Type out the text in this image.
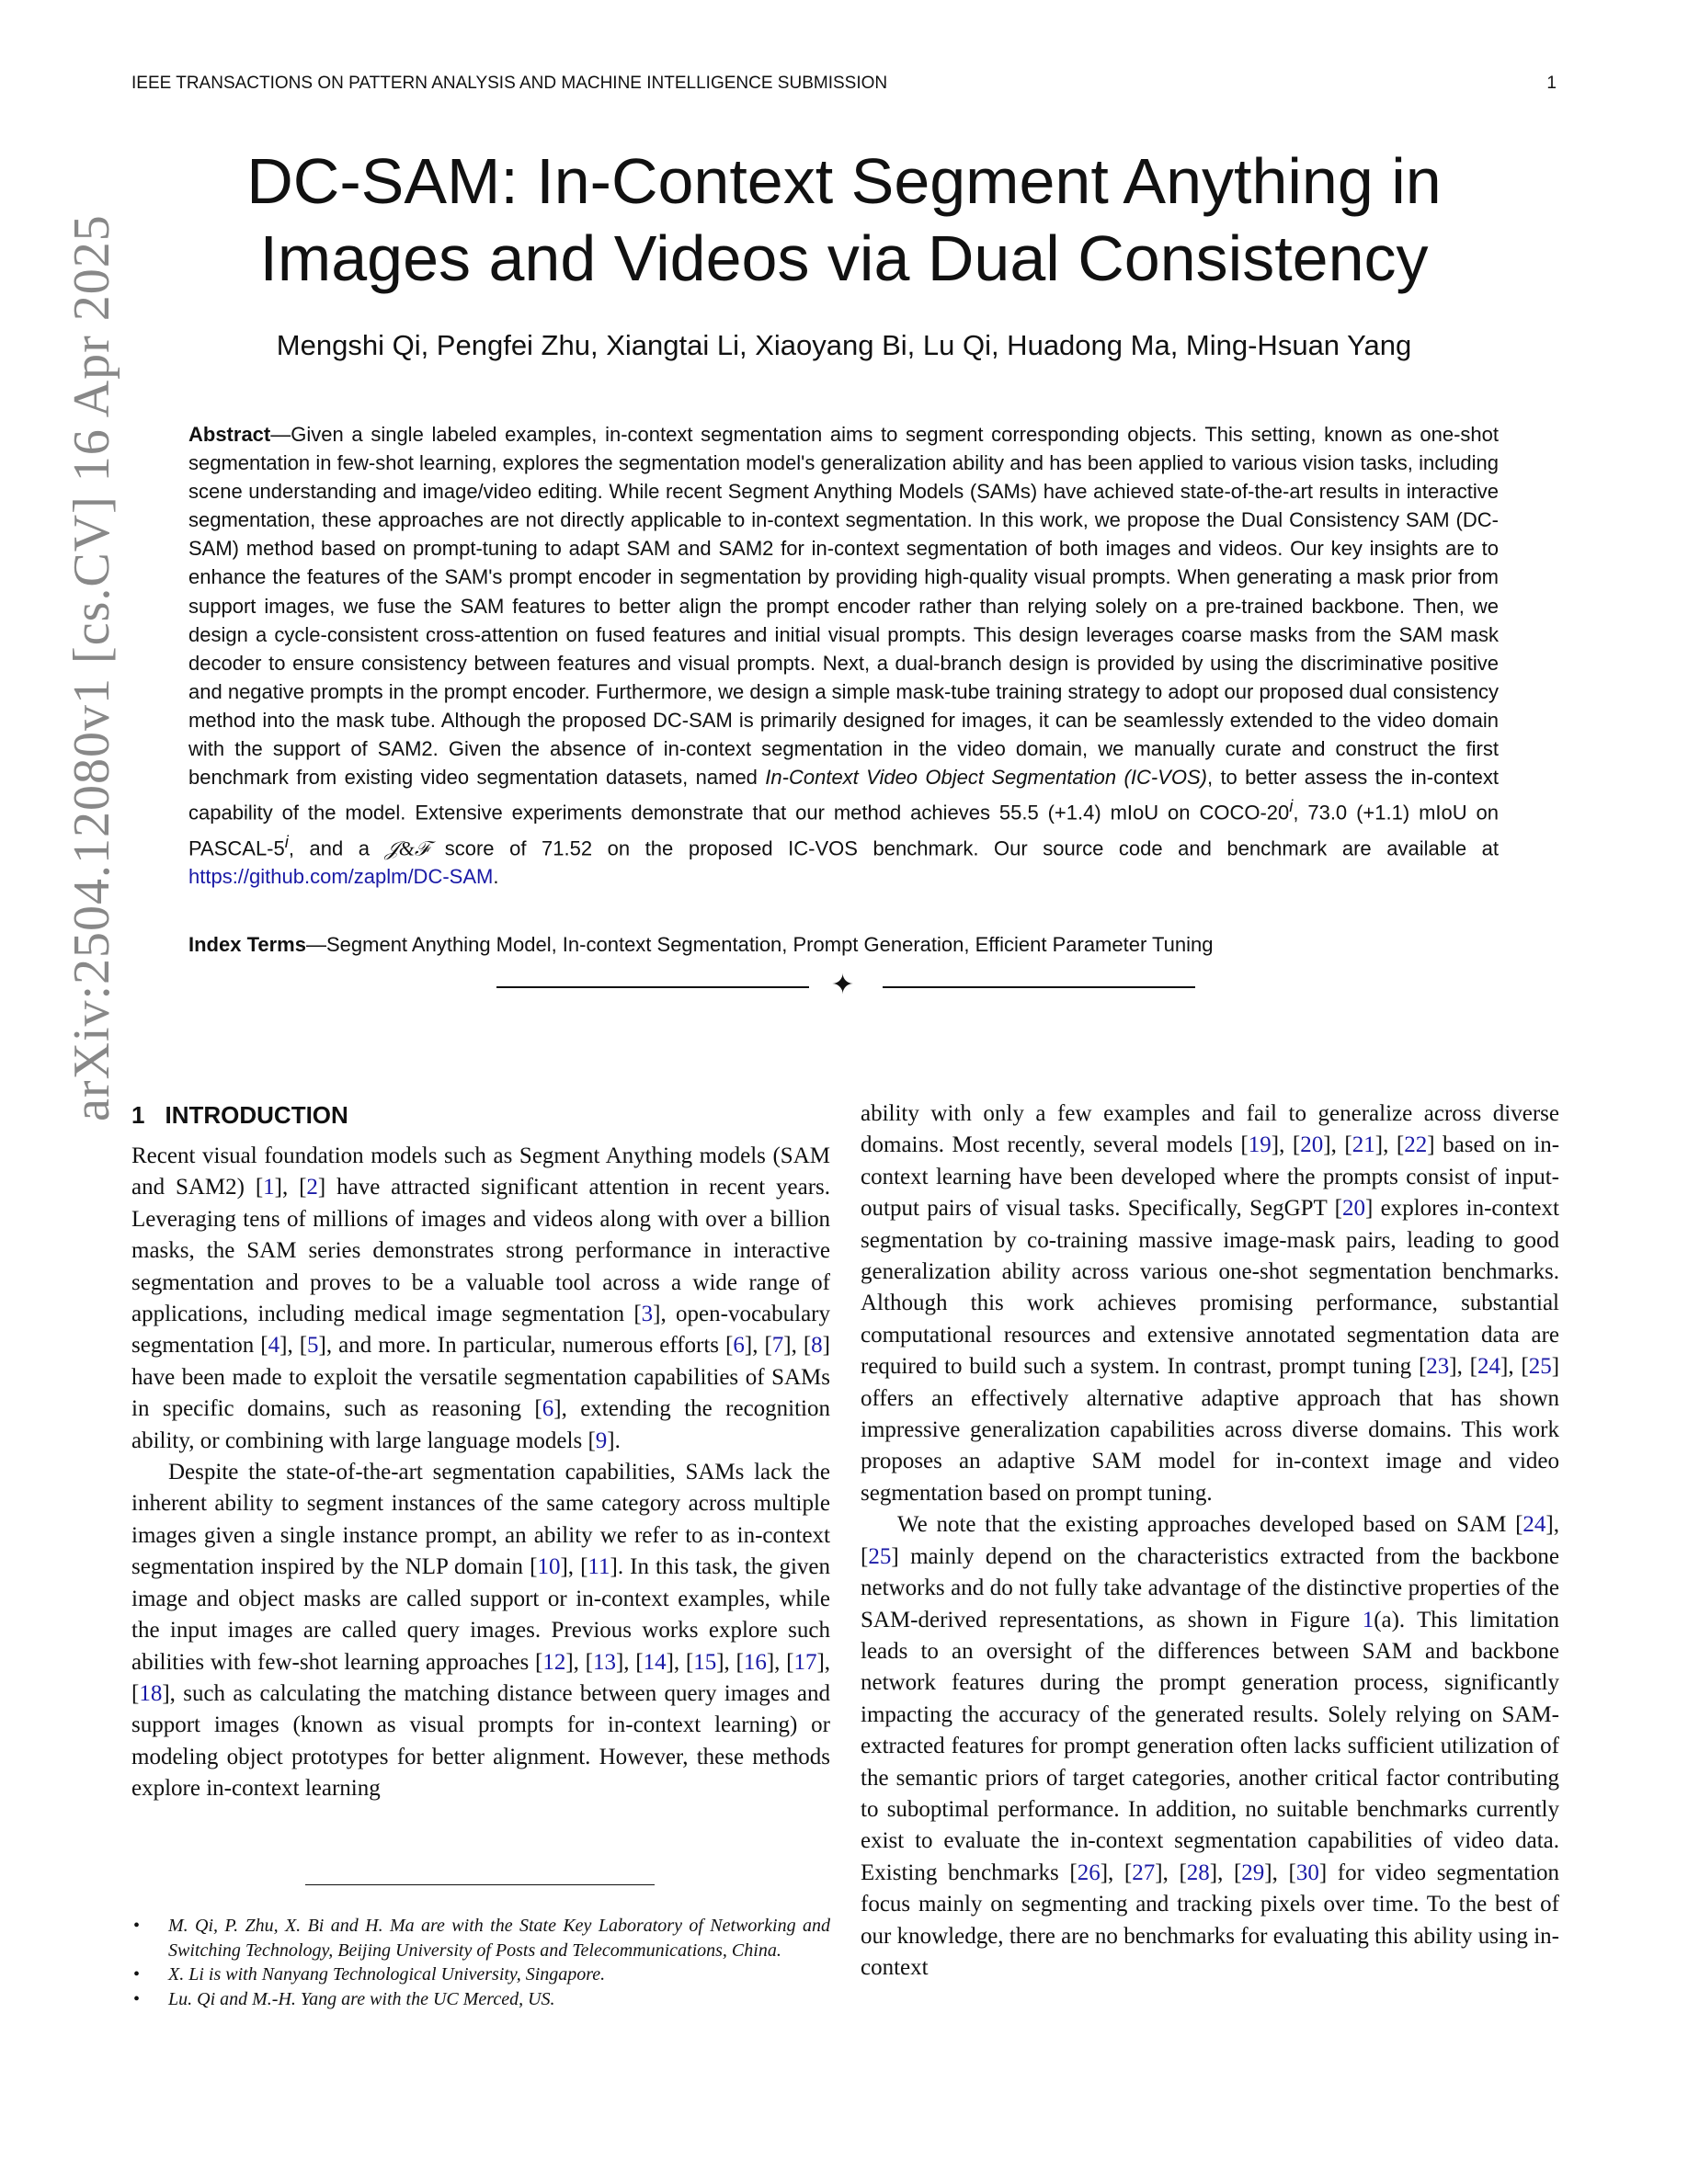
IEEE TRANSACTIONS ON PATTERN ANALYSIS AND MACHINE INTELLIGENCE SUBMISSION	1
arXiv:2504.12080v1 [cs.CV] 16 Apr 2025
DC-SAM: In-Context Segment Anything in
Images and Videos via Dual Consistency
Mengshi Qi, Pengfei Zhu, Xiangtai Li, Xiaoyang Bi, Lu Qi, Huadong Ma, Ming-Hsuan Yang
Abstract—Given a single labeled examples, in-context segmentation aims to segment corresponding objects. This setting, known as one-shot segmentation in few-shot learning, explores the segmentation model's generalization ability and has been applied to various vision tasks, including scene understanding and image/video editing. While recent Segment Anything Models (SAMs) have achieved state-of-the-art results in interactive segmentation, these approaches are not directly applicable to in-context segmentation. In this work, we propose the Dual Consistency SAM (DC-SAM) method based on prompt-tuning to adapt SAM and SAM2 for in-context segmentation of both images and videos. Our key insights are to enhance the features of the SAM's prompt encoder in segmentation by providing high-quality visual prompts. When generating a mask prior from support images, we fuse the SAM features to better align the prompt encoder rather than relying solely on a pre-trained backbone. Then, we design a cycle-consistent cross-attention on fused features and initial visual prompts. This design leverages coarse masks from the SAM mask decoder to ensure consistency between features and visual prompts. Next, a dual-branch design is provided by using the discriminative positive and negative prompts in the prompt encoder. Furthermore, we design a simple mask-tube training strategy to adopt our proposed dual consistency method into the mask tube. Although the proposed DC-SAM is primarily designed for images, it can be seamlessly extended to the video domain with the support of SAM2. Given the absence of in-context segmentation in the video domain, we manually curate and construct the first benchmark from existing video segmentation datasets, named In-Context Video Object Segmentation (IC-VOS), to better assess the in-context capability of the model. Extensive experiments demonstrate that our method achieves 55.5 (+1.4) mIoU on COCO-20$^i$, 73.0 (+1.1) mIoU on PASCAL-5$^i$, and a 𝒥&ℱ score of 71.52 on the proposed IC-VOS benchmark. Our source code and benchmark are available at https://github.com/zaplm/DC-SAM.
Index Terms—Segment Anything Model, In-context Segmentation, Prompt Generation, Efficient Parameter Tuning
✦
1 INTRODUCTION

Recent visual foundation models such as Segment Anything models (SAM and SAM2) [1], [2] have attracted significant attention in recent years. Leveraging tens of millions of images and videos along with over a billion masks, the SAM series demonstrates strong performance in interactive segmentation and proves to be a valuable tool across a wide range of applications, including medical image segmentation [3], open-vocabulary segmentation [4], [5], and more. In particular, numerous efforts [6], [7], [8] have been made to exploit the versatile segmentation capabilities of SAMs in specific domains, such as reasoning [6], extending the recognition ability, or combining with large language models [9].

Despite the state-of-the-art segmentation capabilities, SAMs lack the inherent ability to segment instances of the same category across multiple images given a single instance prompt, an ability we refer to as in-context segmentation inspired by the NLP domain [10], [11]. In this task, the given image and object masks are called support or in-context examples, while the input images are called query images. Previous works explore such abilities with few-shot learning approaches [12], [13], [14], [15], [16], [17], [18], such as calculating the matching distance between query images and support images (known as visual prompts for in-context learning) or modeling object prototypes for better alignment. However, these methods explore in-context learning

ability with only a few examples and fail to generalize across diverse domains. Most recently, several models [19], [20], [21], [22] based on in-context learning have been developed where the prompts consist of input-output pairs of visual tasks. Specifically, SegGPT [20] explores in-context segmentation by co-training massive image-mask pairs, leading to good generalization ability across various one-shot segmentation benchmarks. Although this work achieves promising performance, substantial computational resources and extensive annotated segmentation data are required to build such a system. In contrast, prompt tuning [23], [24], [25] offers an effectively alternative adaptive approach that has shown impressive generalization capabilities across diverse domains. This work proposes an adaptive SAM model for in-context image and video segmentation based on prompt tuning.

We note that the existing approaches developed based on SAM [24], [25] mainly depend on the characteristics extracted from the backbone networks and do not fully take advantage of the distinctive properties of the SAM-derived representations, as shown in Figure 1(a). This limitation leads to an oversight of the differences between SAM and backbone network features during the prompt generation process, significantly impacting the accuracy of the generated results. Solely relying on SAM-extracted features for prompt generation often lacks sufficient utilization of the semantic priors of target categories, another critical factor contributing to suboptimal performance. In addition, no suitable benchmarks currently exist to evaluate the in-context segmentation capabilities of video data. Existing benchmarks [26], [27], [28], [29], [30] for video segmentation focus mainly on segmenting and tracking pixels over time. To the best of our knowledge, there are no benchmarks for evaluating this ability using in-context

• M. Qi, P. Zhu, X. Bi and H. Ma are with the State Key Laboratory of Networking and Switching Technology, Beijing University of Posts and Telecommunications, China.
• X. Li is with Nanyang Technological University, Singapore.
• Lu. Qi and M.-H. Yang are with the UC Merced, US.
